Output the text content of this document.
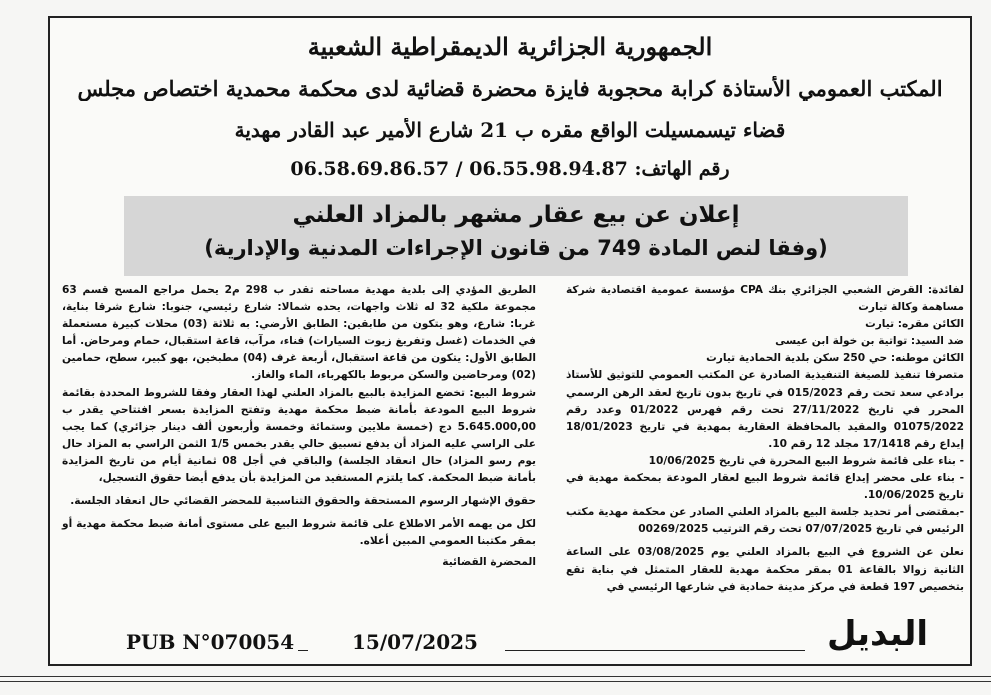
الجمهورية الجزائرية الديمقراطية الشعبية
المكتب العمومي الأستاذة كرابة محجوبة فايزة محضرة قضائية لدى محكمة محمدية اختصاص مجلس
قضاء تيسمسيلت الواقع مقره ب 21 شارع الأمير عبد القادر مهدية
رقم الهاتف: 06.55.98.94.87 / 06.58.69.86.57
إعلان عن بيع عقار مشهر بالمزاد العلني
(وفقا لنص المادة 749 من قانون الإجراءات المدنية والإدارية)

لفائدة: القرض الشعبي الجزائري بنك CPA مؤسسة عمومية اقتصادية شركة مساهمة وكالة تيارت

الكائن مقره: تيارت

ضد السيد: تواتية بن خولة ابن عيسى

الكائن موطنه: حي 250 سكن بلدية الحمادية تيارت

متصرفا تنفيذ للصيغة التنفيذية الصادرة عن المكتب العمومي للتوثيق للأستاذ برادعي سعد تحت رقم 015/2023 في تاريخ بدون تاريخ لعقد الرهن الرسمي المحرر في تاريخ 27/11/2022 تحت رقم فهرس 01/2022 وعدد رقم 01075/2022 والمقيد بالمحافظة العقارية بمهدية في تاريخ 18/01/2023 إيداع رقم 17/1418 مجلد 12 رقم 10.

- بناء على قائمة شروط البيع المحررة في تاريخ 10/06/2025

- بناء على محضر إيداع قائمة شروط البيع لعقار المودعة بمحكمة مهدية في تاريخ 10/06/2025.

-بمقتضى أمر تحديد جلسة البيع بالمزاد العلني الصادر عن محكمة مهدية مكتب الرئيس في تاريخ 07/07/2025 تحت رقم الترتيب 00269/2025

نعلن عن الشروع في البيع بالمزاد العلني يوم 03/08/2025 على الساعة الثانية زوالا بالقاعة 01 بمقر محكمة مهدية للعقار المتمثل في بناية تقع بتخصيص 197 قطعة في مركز مدينة حمادية في شارعها الرئيسي في

الطريق المؤدي إلى بلدية مهدية مساحته تقدر ب 298 م2 يحمل مراجع المسح قسم 63 مجموعة ملكية 32 له ثلاث واجهات، يحده شمالا: شارع رئيسي، جنوبا: شارع شرقا بناية، غربا: شارع، وهو يتكون من طابقين: الطابق الأرضي: به ثلاثة (03) محلات كبيرة مستعملة في الخدمات (غسل وتفريغ زيوت السيارات) فناء، مرآب، قاعة استقبال، حمام ومرحاض. أما الطابق الأول: يتكون من قاعة استقبال، أربعة غرف (04) مطبخين، بهو كبير، سطح، حمامين (02) ومرحاضين والسكن مربوط بالكهرباء، الماء والغاز.

شروط البيع: تخضع المزايدة بالبيع بالمزاد العلني لهذا العقار وفقا للشروط المحددة بقائمة شروط البيع المودعة بأمانة ضبط محكمة مهدية وتفتح المزايدة بسعر افتتاحي يقدر ب 5.645.000,00 دج (خمسة ملايين وستمائة وخمسة وأربعون ألف دينار جزائري) كما يجب على الراسي عليه المزاد أن يدفع تسبيق حالي يقدر بخمس 1/5 الثمن الراسي به المزاد حال يوم رسو المزاد) حال انعقاد الجلسة) والباقي في أجل 08 ثمانية أيام من تاريخ المزايدة بأمانة ضبط المحكمة. كما يلتزم المستفيد من المزايدة بأن يدفع أيضا حقوق التسجيل،

حقوق الإشهار الرسوم المستحقة والحقوق التناسبية للمحضر القضائي حال انعقاد الجلسة.

لكل من يهمه الأمر الاطلاع على قائمة شروط البيع على مستوى أمانة ضبط محكمة مهدية أو بمقر مكتبنا العمومي المبين أعلاه.

المحضرة القضائية
البديل
15/07/2025
PUB N°070054
